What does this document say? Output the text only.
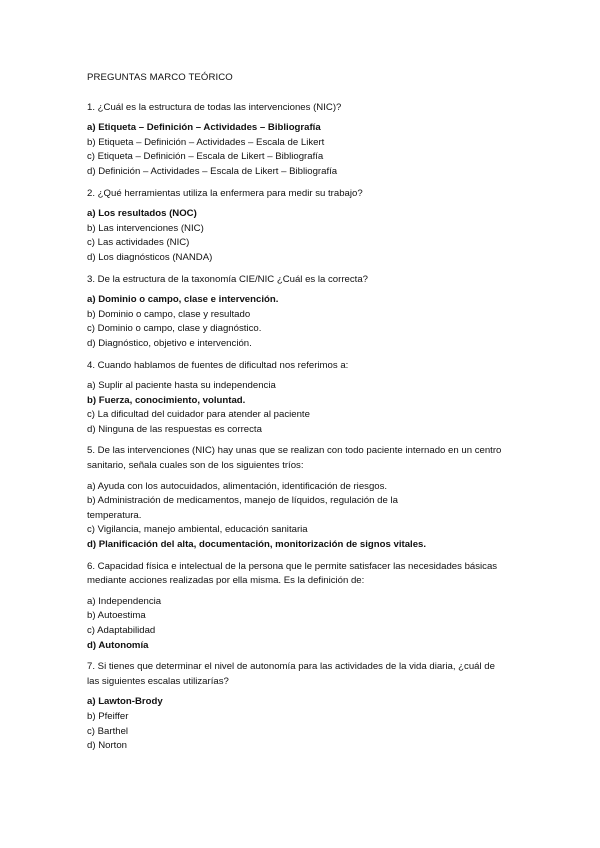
PREGUNTAS MARCO TEÓRICO

1. ¿Cuál es la estructura de todas las intervenciones (NIC)?

a) Etiqueta – Definición – Actividades – Bibliografía

b) Etiqueta – Definición – Actividades – Escala de Likert

c) Etiqueta – Definición – Escala de Likert – Bibliografía

d) Definición – Actividades – Escala de Likert – Bibliografía

2. ¿Qué herramientas utiliza la enfermera para medir su trabajo?

a) Los resultados (NOC)

b) Las intervenciones (NIC)

c) Las actividades (NIC)

d) Los diagnósticos (NANDA)

3. De la estructura de la taxonomía CIE/NIC ¿Cuál es la correcta?

a) Dominio o campo, clase e intervención.

b) Dominio o campo, clase y resultado

c) Dominio o campo, clase y diagnóstico.

d) Diagnóstico, objetivo e intervención.

4. Cuando hablamos de fuentes de dificultad nos referimos a:

a) Suplir al paciente hasta su independencia

b) Fuerza, conocimiento, voluntad.

c) La dificultad del cuidador para atender al paciente

d) Ninguna de las respuestas es correcta

5. De las intervenciones (NIC) hay unas que se realizan con todo paciente internado en un centro sanitario, señala cuales son de los siguientes tríos:

a) Ayuda con los autocuidados, alimentación, identificación de riesgos.

b) Administración de medicamentos, manejo de líquidos, regulación de la temperatura.

c) Vigilancia, manejo ambiental, educación sanitaria

d) Planificación del alta, documentación, monitorización de signos vitales.

6. Capacidad física e intelectual de la persona que le permite satisfacer las necesidades básicas mediante acciones realizadas por ella misma. Es la definición de:

a) Independencia

b) Autoestima

c) Adaptabilidad

d) Autonomía

7. Si tienes que determinar el nivel de autonomía para las actividades de la vida diaria, ¿cuál de las siguientes escalas utilizarías?

a) Lawton-Brody

b) Pfeiffer

c) Barthel

d) Norton
